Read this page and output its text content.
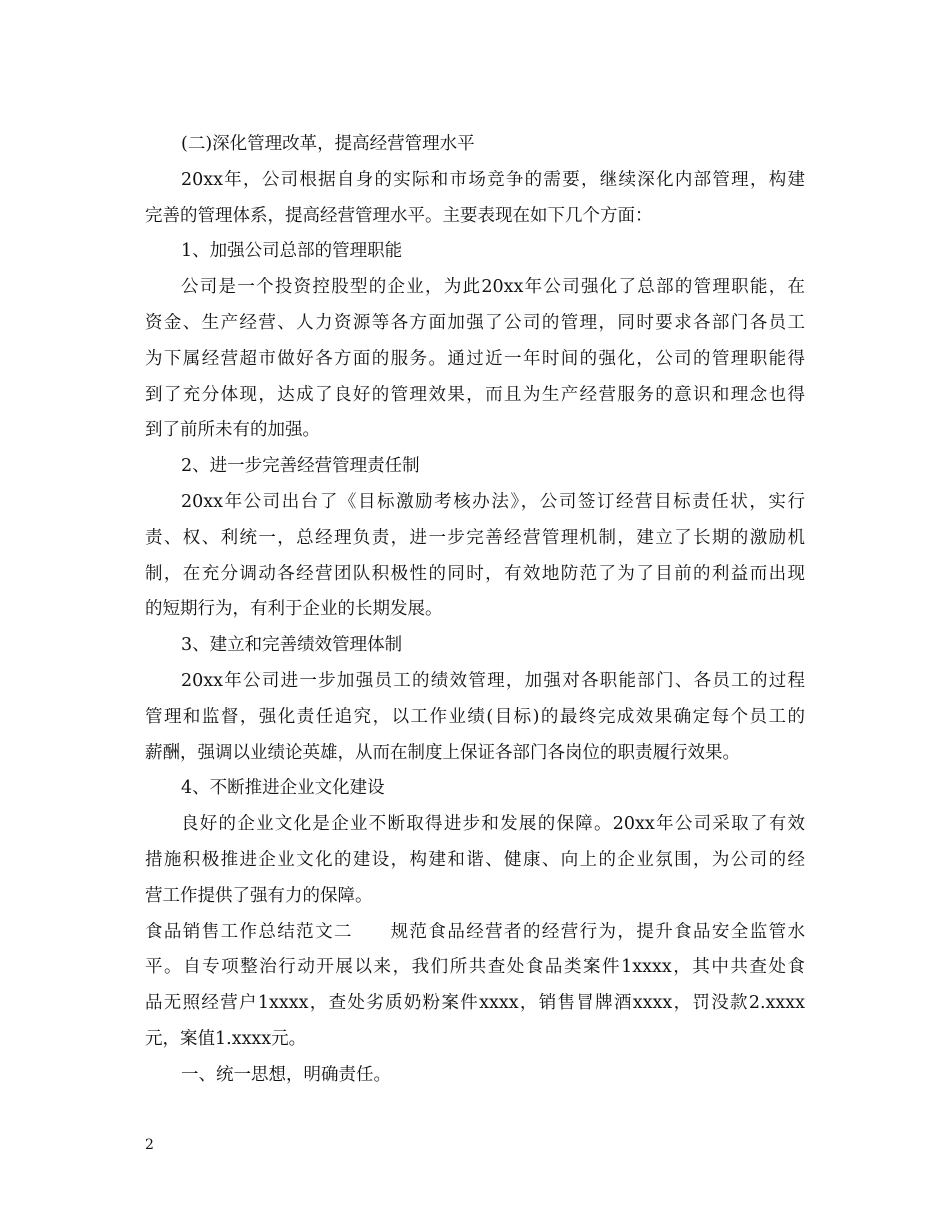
(二)深化管理改革，提高经营管理水平
20xx年，公司根据自身的实际和市场竞争的需要，继续深化内部管理，构建
完善的管理体系，提高经营管理水平。主要表现在如下几个方面：
1、加强公司总部的管理职能
公司是一个投资控股型的企业，为此20xx年公司强化了总部的管理职能，在
资金、生产经营、人力资源等各方面加强了公司的管理，同时要求各部门各员工
为下属经营超市做好各方面的服务。通过近一年时间的强化，公司的管理职能得
到了充分体现，达成了良好的管理效果，而且为生产经营服务的意识和理念也得
到了前所未有的加强。
2、进一步完善经营管理责任制
20xx年公司出台了《目标激励考核办法》，公司签订经营目标责任状，实行
责、权、利统一，总经理负责，进一步完善经营管理机制，建立了长期的激励机
制，在充分调动各经营团队积极性的同时，有效地防范了为了目前的利益而出现
的短期行为，有利于企业的长期发展。
3、建立和完善绩效管理体制
20xx年公司进一步加强员工的绩效管理，加强对各职能部门、各员工的过程
管理和监督，强化责任追究，以工作业绩(目标)的最终完成效果确定每个员工的
薪酬，强调以业绩论英雄，从而在制度上保证各部门各岗位的职责履行效果。
4、不断推进企业文化建设
良好的企业文化是企业不断取得进步和发展的保障。20xx年公司采取了有效
措施积极推进企业文化的建设，构建和谐、健康、向上的企业氛围，为公司的经
营工作提供了强有力的保障。
食品销售工作总结范文二　　规范食品经营者的经营行为，提升食品安全监管水
平。自专项整治行动开展以来，我们所共查处食品类案件1xxxx，其中共查处食
品无照经营户1xxxx，查处劣质奶粉案件xxxx，销售冒牌酒xxxx，罚没款2.xxxx
元，案值1.xxxx元。
一、统一思想，明确责任。
2
